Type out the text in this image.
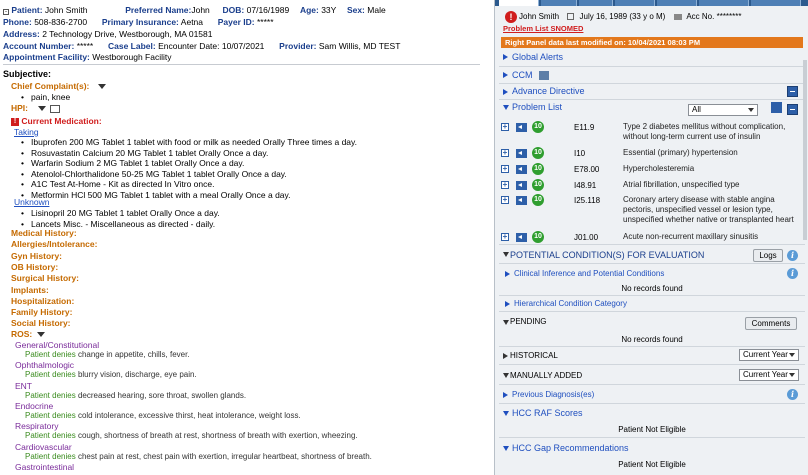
- Patient: John Smith	Preferred Name:John DOB: 07/16/1989 Age: 33Y Sex: Male
Phone: 508-836-2700 Primary Insurance: Aetna Payer ID: *****
Address: 2 Technology Drive, Westborough, MA 01581
Account Number: ***** Case Label: Encounter Date: 10/07/2021 Provider: Sam Willis, MD TEST
Appointment Facility: Westborough Facility
Subjective:
Chief Complaint(s):
• pain, knee
HPI:
! Current Medication:
Taking
• Ibuprofen 200 MG Tablet 1 tablet with food or milk as needed Orally Three times a day.
• Rosuvastatin Calcium 20 MG Tablet 1 tablet Orally Once a day.
• Warfarin Sodium 2 MG Tablet 1 tablet Orally Once a day.
• Atenolol-Chlorthalidone 50-25 MG Tablet 1 tablet Orally Once a day.
• A1C Test At-Home - Kit as directed In Vitro once.
• Metformin HCl 500 MG Tablet 1 tablet with a meal Orally Once a day.
Unknown
• Lisinopril 20 MG Tablet 1 tablet Orally Once a day.
• Lancets Misc. - Miscellaneous as directed - daily.
Medical History:
Allergies/Intolerance:
Gyn History:
OB History:
Surgical History:
Implants:
Hospitalization:
Family History:
Social History:
ROS:
General/Constitutional
Patient denies change in appetite, chills, fever.
Ophthalmologic
Patient denies blurry vision, discharge, eye pain.
ENT
Patient denies decreased hearing, sore throat, swollen glands.
Endocrine
Patient denies cold intolerance, excessive thirst, heat intolerance, weight loss.
Respiratory
Patient denies cough, shortness of breath at rest, shortness of breath with exertion, wheezing.
Cardiovascular
Patient denies chest pain at rest, chest pain with exertion, irregular heartbeat, shortness of breath.
Gastrointestinal
! John Smith	July 16, 1989 (33 y o M)	Acc No. ********
Problem List SNOMED
Right Panel data last modified on: 10/04/2021 08:03 PM
Global Alerts
CCM
Advance Directive
Problem List	All
+	10	E11.9	Type 2 diabetes mellitus without complication, without long-term current use of insulin
+	10	I10	Essential (primary) hypertension
+	10	E78.00	Hypercholesteremia
+	10	I48.91	Atrial fibrillation, unspecified type
+	10	I25.118	Coronary artery disease with stable angina pectoris, unspecified vessel or lesion type, unspecified whether native or transplanted heart
+	10	J01.00	Acute non-recurrent maxillary sinusitis
POTENTIAL CONDITION(S) FOR EVALUATION	Logs	i
Clinical Inference and Potential Conditions	i
No records found
Hierarchical Condition Category
PENDING	Comments
No records found
HISTORICAL	Current Year
MANUALLY ADDED	Current Year
Previous Diagnosis(es)	i
HCC RAF Scores
Patient Not Eligible
HCC Gap Recommendations
Patient Not Eligible
